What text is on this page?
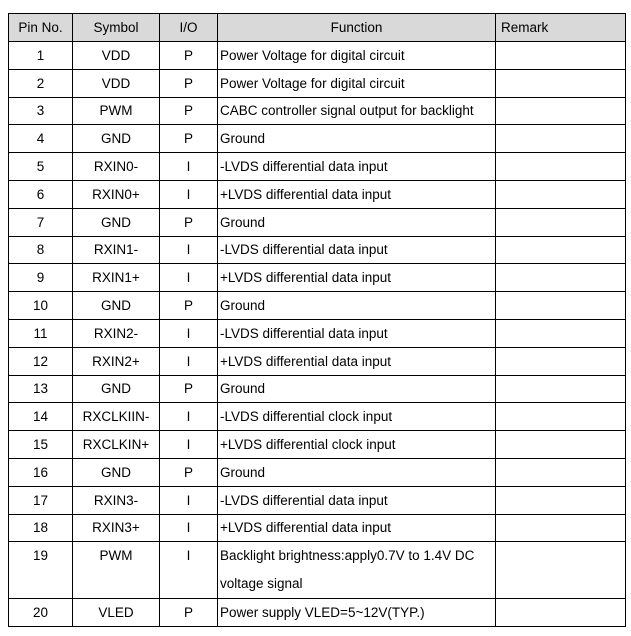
Pin No.	Symbol	I/O	Function	Remark
1	VDD	P	Power Voltage for digital circuit	
2	VDD	P	Power Voltage for digital circuit	
3	PWM	P	CABC controller signal output for backlight	
4	GND	P	Ground	
5	RXIN0-	I	-LVDS differential data input	
6	RXIN0+	I	+LVDS differential data input	
7	GND	P	Ground	
8	RXIN1-	I	-LVDS differential data input	
9	RXIN1+	I	+LVDS differential data input	
10	GND	P	Ground	
11	RXIN2-	I	-LVDS differential data input	
12	RXIN2+	I	+LVDS differential data input	
13	GND	P	Ground	
14	RXCLKIIN-	I	-LVDS differential clock input	
15	RXCLKIN+	I	+LVDS differential clock input	
16	GND	P	Ground	
17	RXIN3-	I	-LVDS differential data input	
18	RXIN3+	I	+LVDS differential data input	
19	PWM	I	Backlight brightness:apply0.7V to 1.4V DC voltage signal	
20	VLED	P	Power supply VLED=5~12V(TYP.)	
